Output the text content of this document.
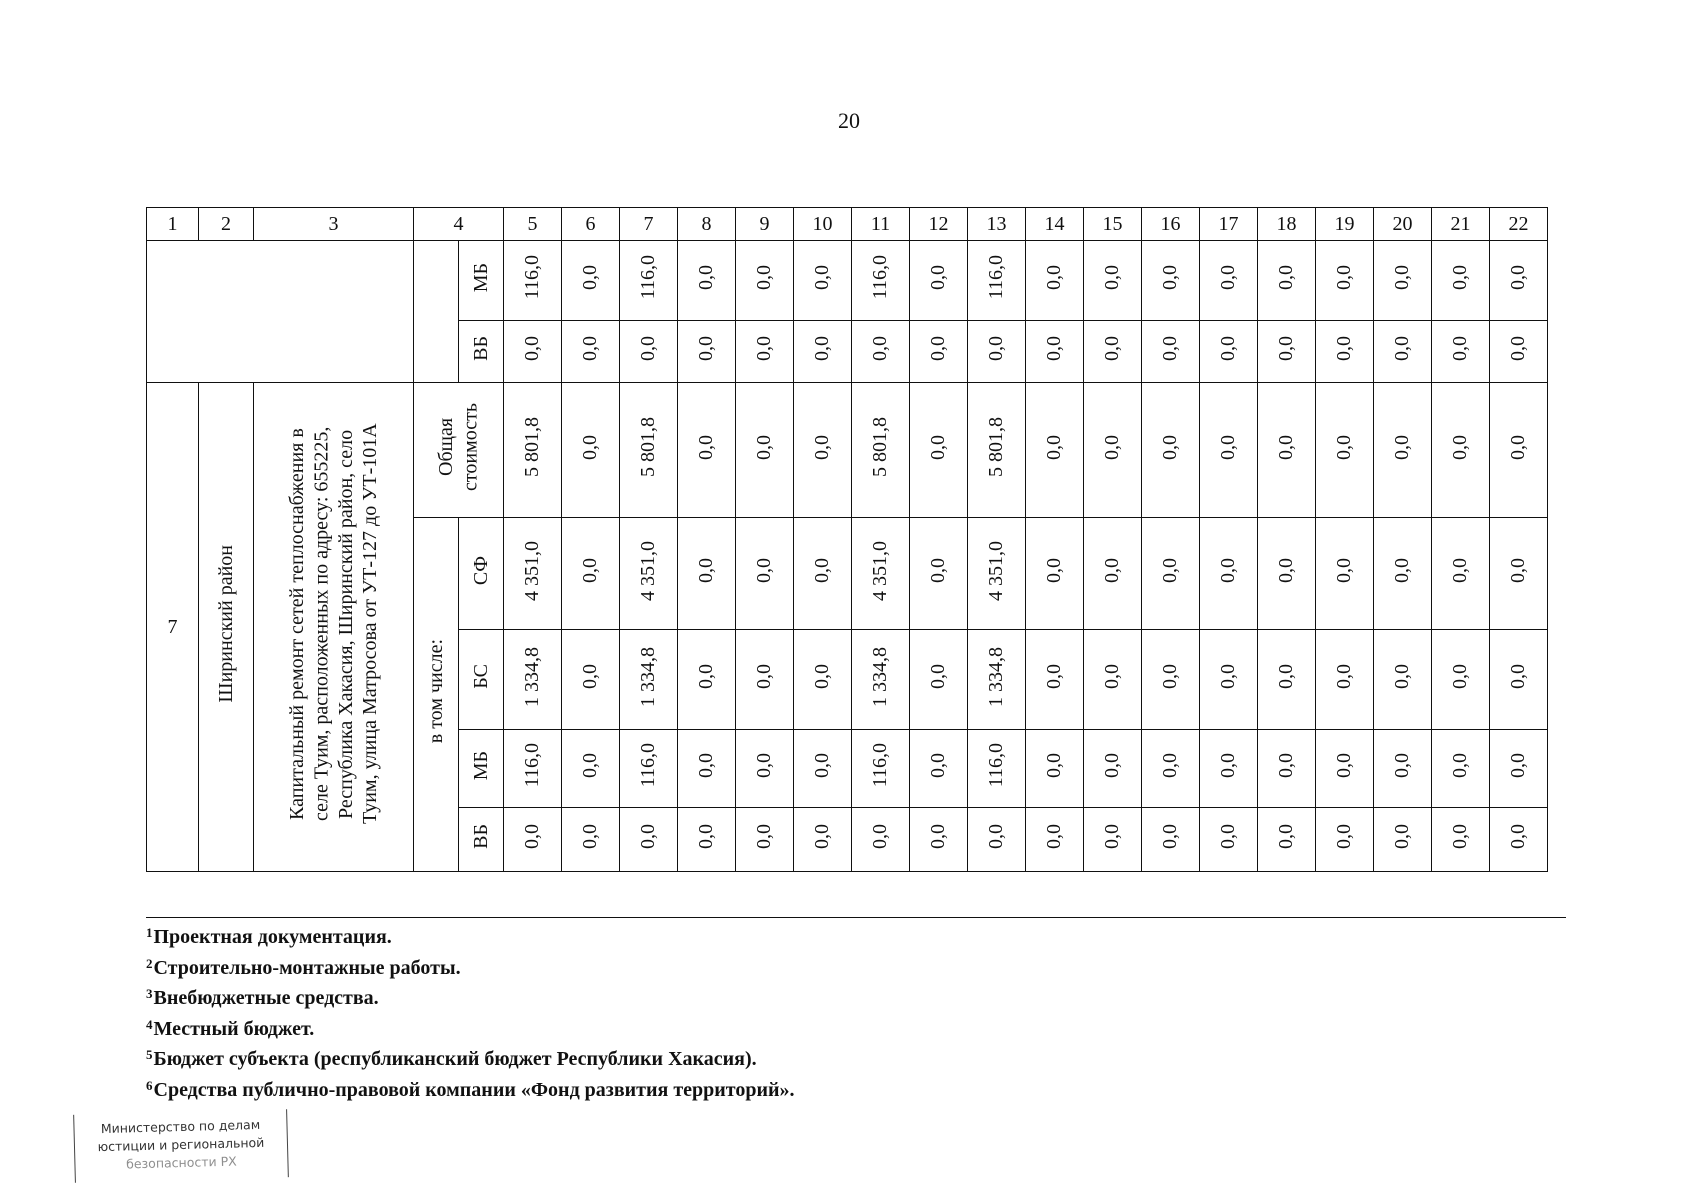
20
1	2	3	4		5	6	7	8	9	10	11	12	13	14	15	16	17	18	19	20	21	22
				МБ	116,0	0,0	116,0	0,0	0,0	0,0	116,0	0,0	116,0	0,0	0,0	0,0	0,0	0,0	0,0	0,0	0,0	0,0
				ВБ	0,0	0,0	0,0	0,0	0,0	0,0	0,0	0,0	0,0	0,0	0,0	0,0	0,0	0,0	0,0	0,0	0,0	0,0
7	Ширинский район	Капитальный ремонт сетей теплоснабжения в селе Туим, расположенных по адресу: 655225, Республика Хакасия, Ширинский район, село Туим, улица Матросова от УТ-127 до УТ-101А	Общая стоимость		5 801,8	0,0	5 801,8	0,0	0,0	0,0	5 801,8	0,0	5 801,8	0,0	0,0	0,0	0,0	0,0	0,0	0,0	0,0	0,0
			в том числе:	СФ	4 351,0	0,0	4 351,0	0,0	0,0	0,0	4 351,0	0,0	4 351,0	0,0	0,0	0,0	0,0	0,0	0,0	0,0	0,0	0,0
				БС	1 334,8	0,0	1 334,8	0,0	0,0	0,0	1 334,8	0,0	1 334,8	0,0	0,0	0,0	0,0	0,0	0,0	0,0	0,0	0,0
				МБ	116,0	0,0	116,0	0,0	0,0	0,0	116,0	0,0	116,0	0,0	0,0	0,0	0,0	0,0	0,0	0,0	0,0	0,0
				ВБ	0,0	0,0	0,0	0,0	0,0	0,0	0,0	0,0	0,0	0,0	0,0	0,0	0,0	0,0	0,0	0,0	0,0	0,0
$^1$Проектная документация.
$^2$Строительно-монтажные работы.
$^3$Внебюджетные средства.
$^4$Местный бюджет.
$^5$Бюджет субъекта (республиканский бюджет Республики Хакасия).
$^6$Средства публично-правовой компании «Фонд развития территорий».
Министерство по делам
юстиции и региональной
безопасности РХ
